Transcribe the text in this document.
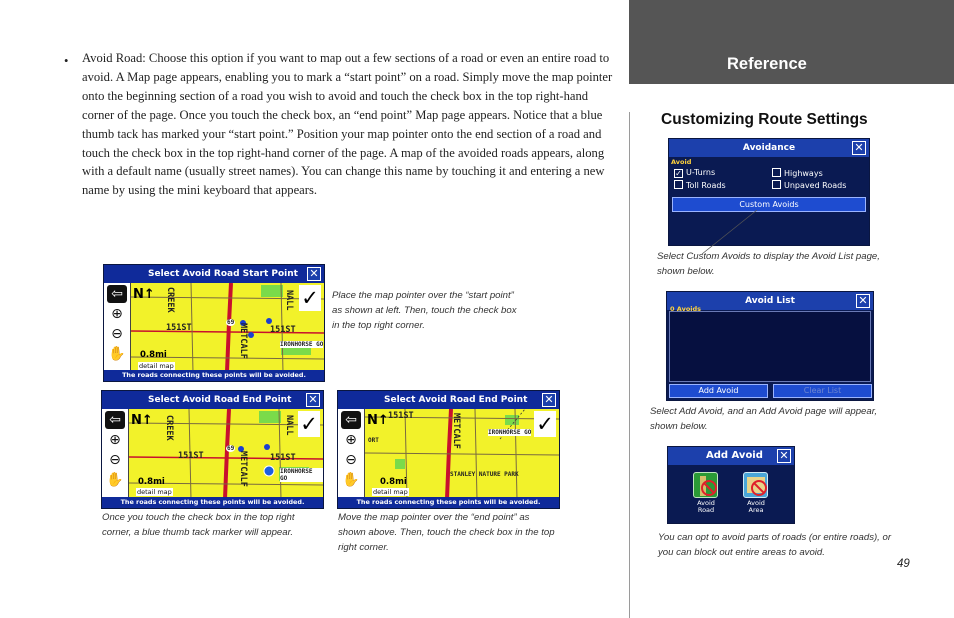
• Avoid Road: Choose this option if you want to map out a few sections of a road or even an entire road to avoid. A Map page appears, enabling you to mark a “start point” on a road. Simply move the map pointer onto the beginning section of a road you wish to avoid and touch the check box in the top right-hand corner of the page. Once you touch the check box, an “end point” Map page appears. Notice that a blue thumb tack has marked your “start point.” Position your map pointer onto the end section of a road and touch the check box in the top right-hand corner of the page. A map of the avoided roads appears, along with a default name (usually street names). You can change this name by touching it and entering a new name by using the mini keyboard that appears.
Reference
Customizing Route Settings
Avoidance	✕
Avoid
✓ U-Turns	Highways
Toll Roads	Unpaved Roads
Custom Avoids
Select Custom Avoids to display the Avoid List page, shown below.
Avoid List	✕
0 Avoids
Add Avoid	Clear List
Select Add Avoid, and an Add Avoid page will appear, shown below.
Add Avoid	✕
Avoid Road
Avoid Area
You can opt to avoid parts of roads (or entire roads), or you can block out entire areas to avoid.
49
Select Avoid Road Start Point	✕
151ST
IRONHORSE GO
METCALF
CREEK	NALL
151ST
69
✓
⇦
⊕
⊖
✋
N↑
0.8mi
detail map
The roads connecting these points will be avoided.
Place the map pointer over the “start point” as shown at left. Then, touch the check box in the top right corner.
Select Avoid Road End Point	✕
151ST
IRONHORSE GO
METCALF
CREEK	NALL
151ST
69
✓
⇦
⊕
⊖
✋
N↑
0.8mi
detail map
The roads connecting these points will be avoided.
Once you touch the check box in the top right corner, a blue thumb tack marker will appear.
Select Avoid Road End Point	✕
151ST
IRONHORSE GO
METCALF
STANLEY NATURE PARK
ORT
✓
⇦
⊕
⊖
✋
N↑
0.8mi
detail map
The roads connecting these points will be avoided.
Move the map pointer over the “end point” as shown above. Then, touch the check box in the top right corner.
